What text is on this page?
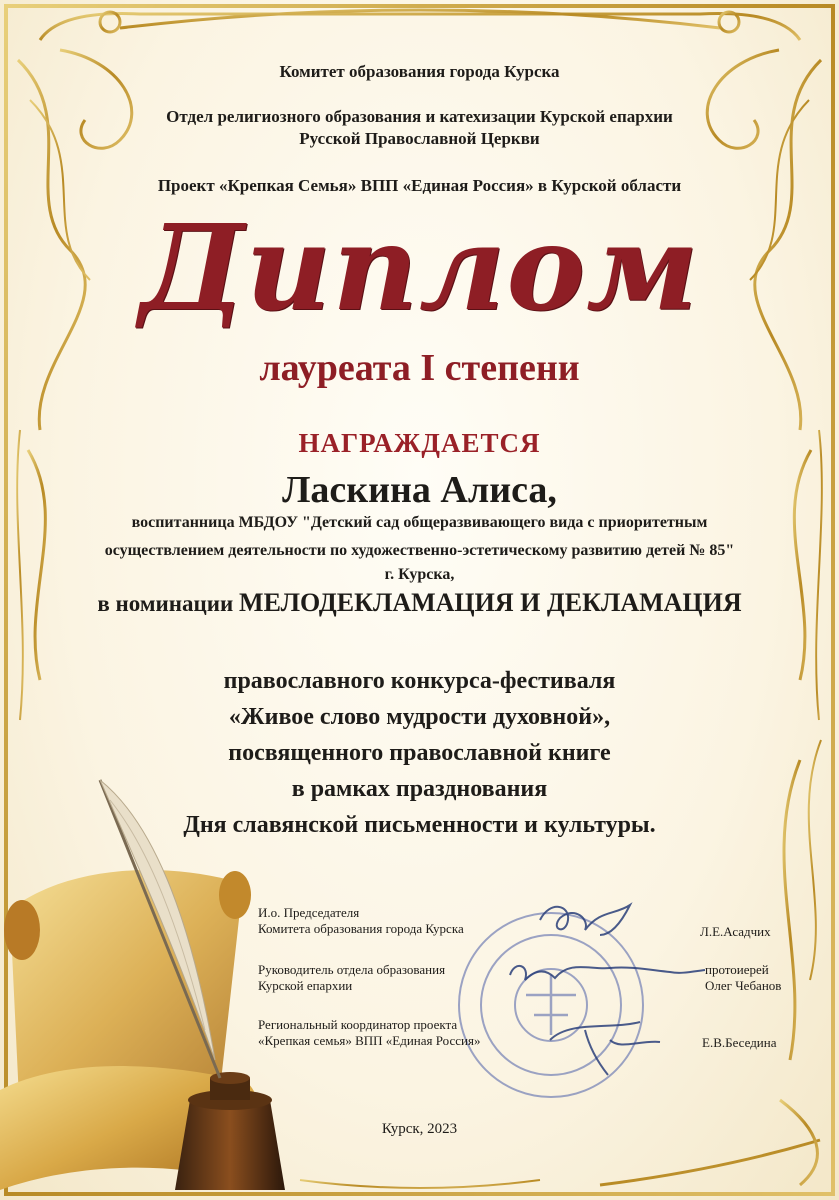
Комитет образования города Курска
Отдел религиозного образования и катехизации Курской епархии
Русской Православной Церкви
Проект «Крепкая Семья» ВПП «Единая Россия» в Курской области
Диплом
лауреата I степени
НАГРАЖДАЕТСЯ
Ласкина Алиса,
воспитанница МБДОУ "Детский сад общеразвивающего вида с приоритетным
осуществлением деятельности по художественно-эстетическому развитию детей № 85"
г. Курска,
в номинации МЕЛОДЕКЛАМАЦИЯ И ДЕКЛАМАЦИЯ
православного конкурса-фестиваля
«Живое слово мудрости духовной»,
посвященного православной книге
в рамках празднования
Дня славянской письменности и культуры.
И.о. Председателя
Комитета образования города Курска	Л.Е.Асадчих
Руководитель отдела образования
Курской епархии
протоиерей
Олег Чебанов
Региональный координатор проекта
«Крепкая семья» ВПП «Единая Россия»	Е.В.Беседина
Курск, 2023
